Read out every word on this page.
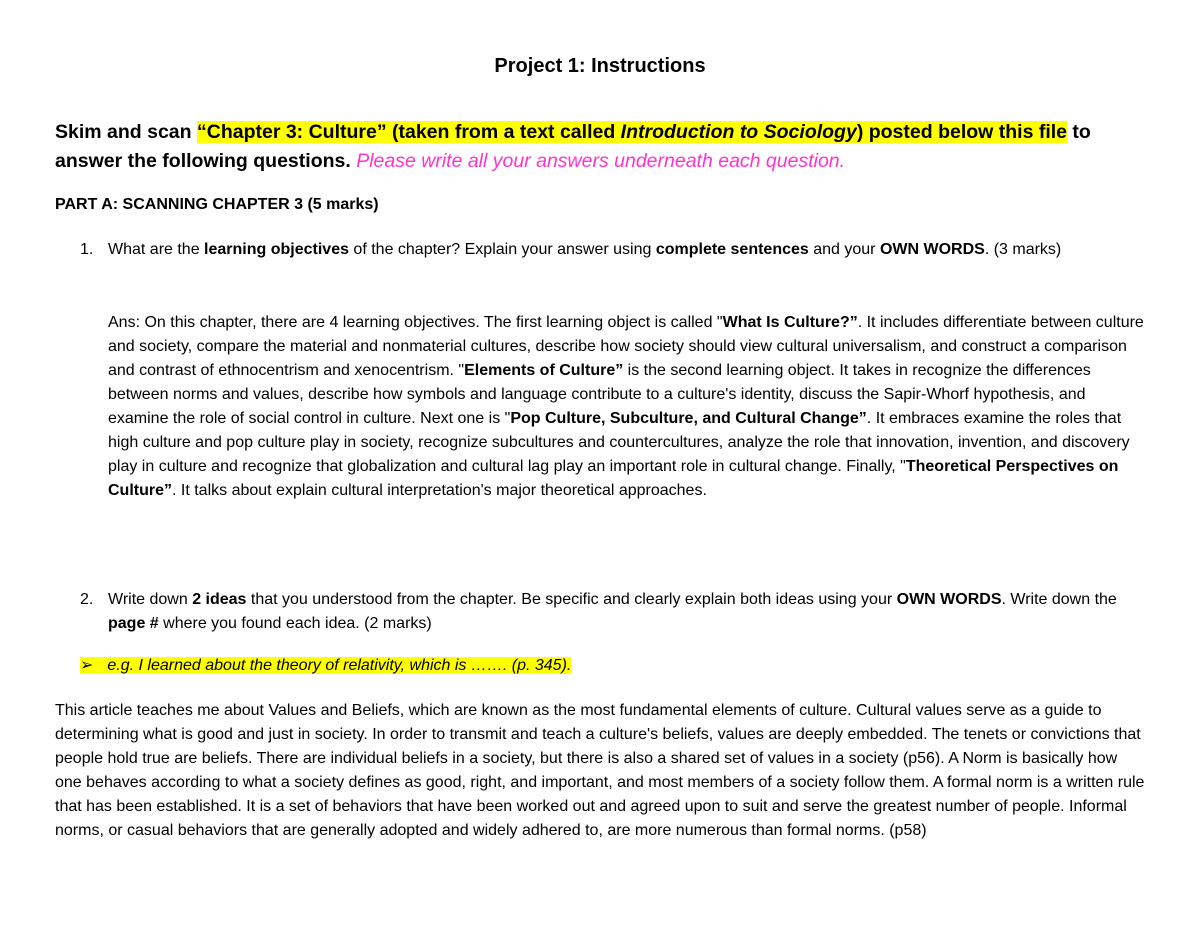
Project 1: Instructions
Skim and scan “Chapter 3: Culture” (taken from a text called Introduction to Sociology) posted below this file to answer the following questions. Please write all your answers underneath each question.
PART A: SCANNING CHAPTER 3 (5 marks)
1. What are the learning objectives of the chapter? Explain your answer using complete sentences and your OWN WORDS. (3 marks)
Ans: On this chapter, there are 4 learning objectives. The first learning object is called "What Is Culture?”. It includes differentiate between culture and society, compare the material and nonmaterial cultures, describe how society should view cultural universalism, and construct a comparison and contrast of ethnocentrism and xenocentrism. "Elements of Culture” is the second learning object. It takes in recognize the differences between norms and values, describe how symbols and language contribute to a culture's identity, discuss the Sapir-Whorf hypothesis, and examine the role of social control in culture. Next one is "Pop Culture, Subculture, and Cultural Change”. It embraces examine the roles that high culture and pop culture play in society, recognize subcultures and countercultures, analyze the role that innovation, invention, and discovery play in culture and recognize that globalization and cultural lag play an important role in cultural change. Finally, "Theoretical Perspectives on Culture”. It talks about explain cultural interpretation's major theoretical approaches.
2. Write down 2 ideas that you understood from the chapter. Be specific and clearly explain both ideas using your OWN WORDS. Write down the page # where you found each idea. (2 marks)
➢ e.g. I learned about the theory of relativity, which is ……. (p. 345).
This article teaches me about Values and Beliefs, which are known as the most fundamental elements of culture. Cultural values serve as a guide to determining what is good and just in society. In order to transmit and teach a culture's beliefs, values are deeply embedded. The tenets or convictions that people hold true are beliefs. There are individual beliefs in a society, but there is also a shared set of values in a society (p56). A Norm is basically how one behaves according to what a society defines as good, right, and important, and most members of a society follow them. A formal norm is a written rule that has been established. It is a set of behaviors that have been worked out and agreed upon to suit and serve the greatest number of people. Informal norms, or casual behaviors that are generally adopted and widely adhered to, are more numerous than formal norms. (p58)
